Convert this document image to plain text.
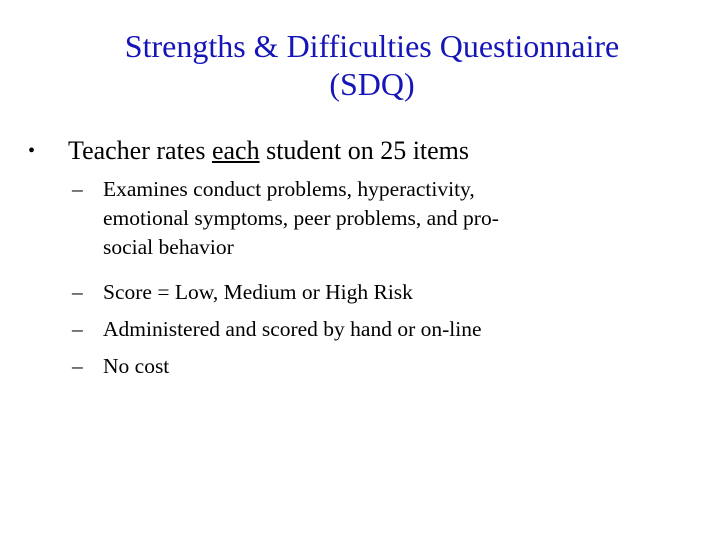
Strengths & Difficulties Questionnaire
(SDQ)
• Teacher rates each student on 25 items
– Examines conduct problems, hyperactivity,
emotional symptoms, peer problems, and pro-
social behavior
– Score = Low, Medium or High Risk
– Administered and scored by hand or on-line
– No cost
